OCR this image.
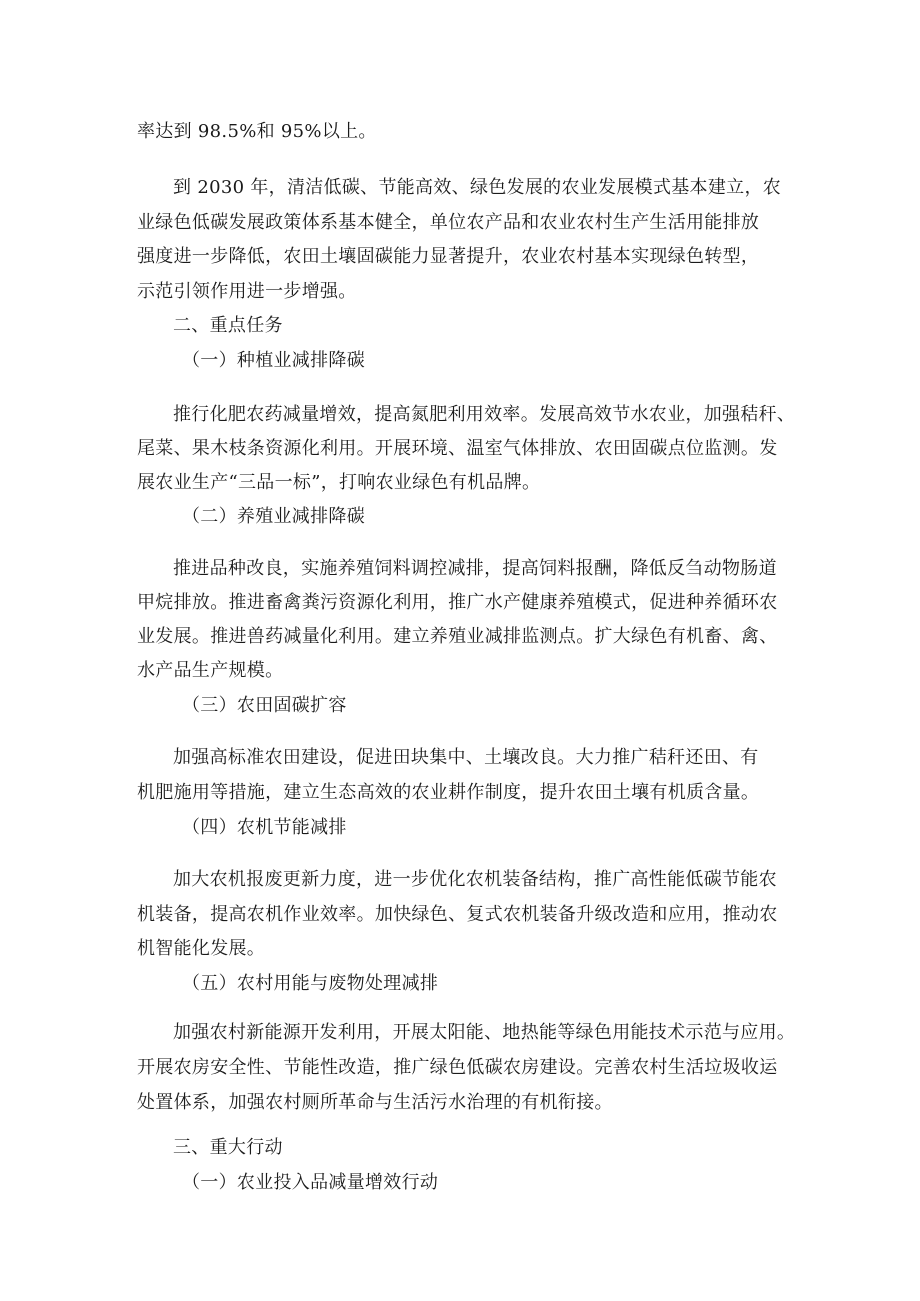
率达到 98.5%和 95%以上。
到 2030 年，清洁低碳、节能高效、绿色发展的农业发展模式基本建立，农
业绿色低碳发展政策体系基本健全，单位农产品和农业农村生产生活用能排放
强度进一步降低，农田土壤固碳能力显著提升，农业农村基本实现绿色转型，
示范引领作用进一步增强。
二、重点任务
（一）种植业减排降碳
推行化肥农药减量增效，提高氮肥利用效率。发展高效节水农业，加强秸秆、
尾菜、果木枝条资源化利用。开展环境、温室气体排放、农田固碳点位监测。发
展农业生产“三品一标”，打响农业绿色有机品牌。
（二）养殖业减排降碳
推进品种改良，实施养殖饲料调控减排，提高饲料报酬，降低反刍动物肠道
甲烷排放。推进畜禽粪污资源化利用，推广水产健康养殖模式，促进种养循环农
业发展。推进兽药减量化利用。建立养殖业减排监测点。扩大绿色有机畜、禽、
水产品生产规模。
（三）农田固碳扩容
加强高标准农田建设，促进田块集中、土壤改良。大力推广秸秆还田、有
机肥施用等措施，建立生态高效的农业耕作制度，提升农田土壤有机质含量。
（四）农机节能减排
加大农机报废更新力度，进一步优化农机装备结构，推广高性能低碳节能农
机装备，提高农机作业效率。加快绿色、复式农机装备升级改造和应用，推动农
机智能化发展。
（五）农村用能与废物处理减排
加强农村新能源开发利用，开展太阳能、地热能等绿色用能技术示范与应用。
开展农房安全性、节能性改造，推广绿色低碳农房建设。完善农村生活垃圾收运
处置体系，加强农村厕所革命与生活污水治理的有机衔接。
三、重大行动
（一）农业投入品减量增效行动
